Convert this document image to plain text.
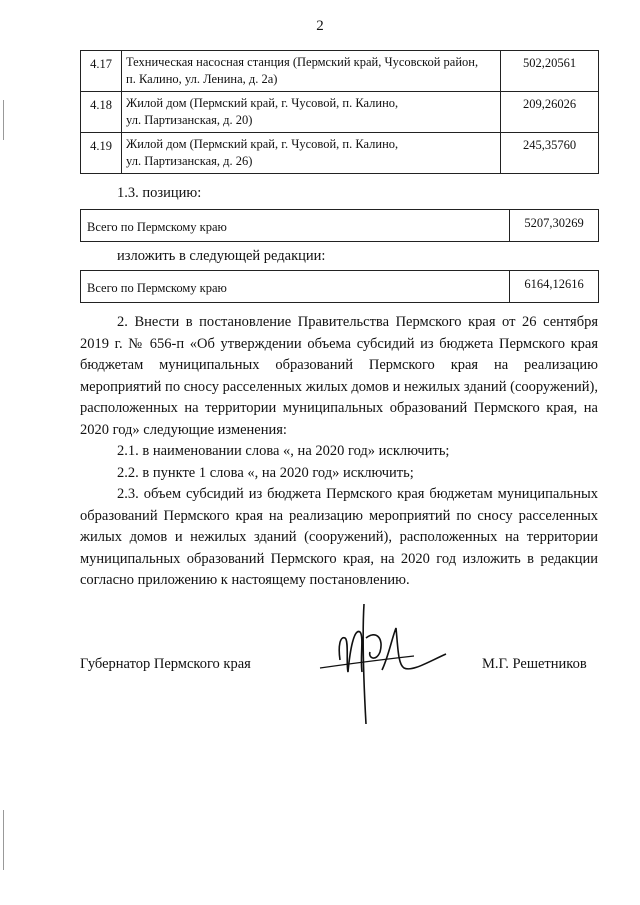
2
4.17	Техническая насосная станция (Пермский край, Чусовской район,
п. Калино, ул. Ленина, д. 2а)	502,20561
4.18	Жилой дом (Пермский край, г. Чусовой, п. Калино,
ул. Партизанская, д. 20)	209,26026
4.19	Жилой дом (Пермский край, г. Чусовой, п. Калино,
ул. Партизанская, д. 26)	245,35760
1.3. позицию:
Всего по Пермскому краю	5207,30269
изложить в следующей редакции:
Всего по Пермскому краю	6164,12616

2. Внести в постановление Правительства Пермского края от 26 сентября 2019 г. № 656-п «Об утверждении объема субсидий из бюджета Пермского края бюджетам муниципальных образований Пермского края на реализацию мероприятий по сносу расселенных жилых домов и нежилых зданий (сооружений), расположенных на территории муниципальных образований Пермского края, на 2020 год» следующие изменения:

2.1. в наименовании слова «, на 2020 год» исключить;

2.2. в пункте 1 слова «, на 2020 год» исключить;

2.3. объем субсидий из бюджета Пермского края бюджетам муниципальных образований Пермского края на реализацию мероприятий по сносу расселенных жилых домов и нежилых зданий (сооружений), расположенных на территории муниципальных образований Пермского края, на 2020 год изложить в редакции согласно приложению к настоящему постановлению.

Губернатор Пермского края	М.Г. Решетников
